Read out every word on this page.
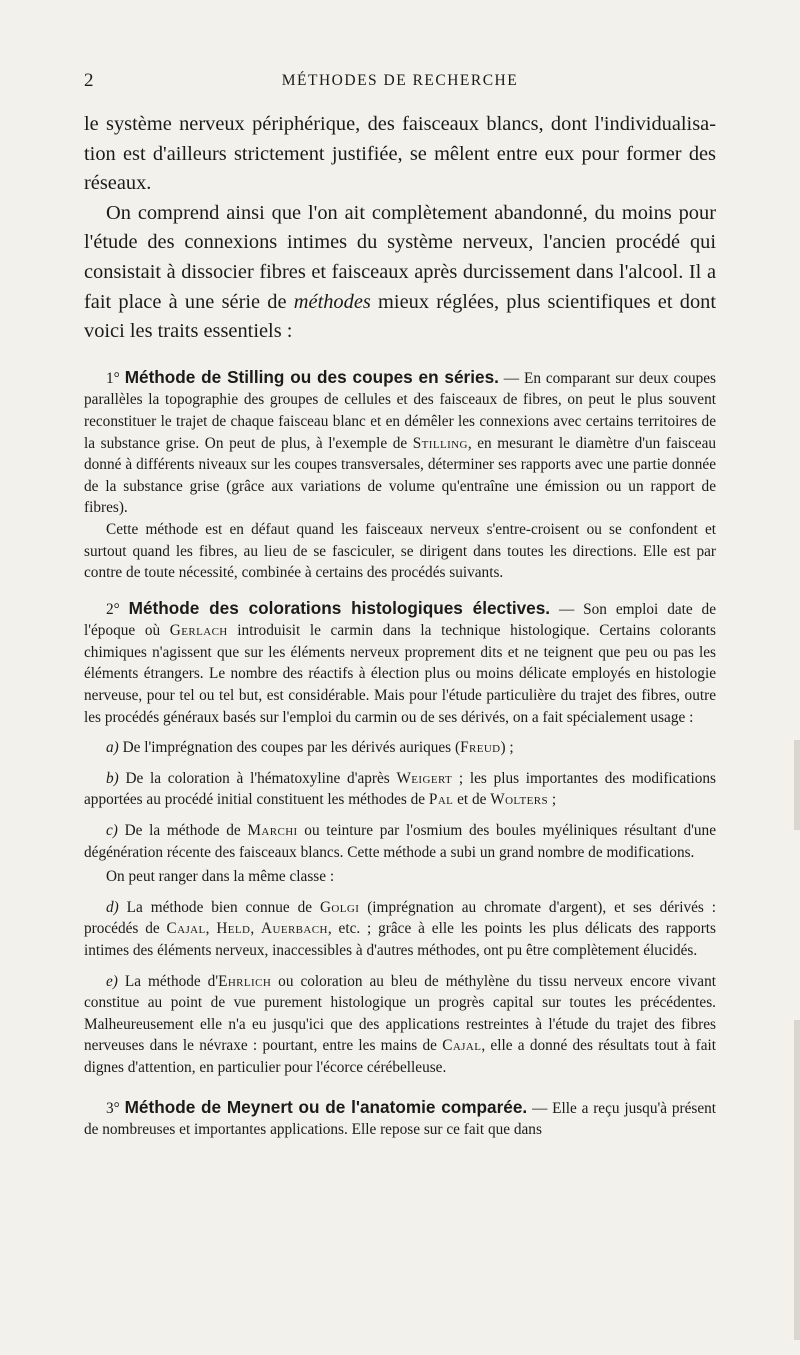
2	MÉTHODES DE RECHERCHE

le système nerveux périphérique, des faisceaux blancs, dont l'individualisa- tion est d'ailleurs strictement justifiée, se mêlent entre eux pour former des réseaux.

On comprend ainsi que l'on ait complètement abandonné, du moins pour l'étude des connexions intimes du système nerveux, l'ancien procédé qui consistait à dissocier fibres et faisceaux après durcissement dans l'alcool. Il a fait place à une série de méthodes mieux réglées, plus scientifiques et dont voici les traits essentiels :

1° Méthode de Stilling ou des coupes en séries. — En comparant sur deux coupes parallèles la topographie des groupes de cellules et des faisceaux de fibres, on peut le plus souvent reconstituer le trajet de chaque faisceau blanc et en démêler les connexions avec certains territoires de la substance grise. On peut de plus, à l'exemple de Stilling, en mesurant le diamètre d'un faisceau donné à différents niveaux sur les coupes transversales, déterminer ses rapports avec une partie donnée de la substance grise (grâce aux variations de volume qu'entraîne une émission ou un rapport de fibres).

Cette méthode est en défaut quand les faisceaux nerveux s'entre-croisent ou se confondent et surtout quand les fibres, au lieu de se fasciculer, se dirigent dans toutes les directions. Elle est par contre de toute nécessité, combinée à certains des procédés suivants.

2° Méthode des colorations histologiques électives. — Son emploi date de l'époque où Gerlach introduisit le carmin dans la technique histologique. Certains colorants chimiques n'agissent que sur les éléments nerveux proprement dits et ne teignent que peu ou pas les éléments étrangers. Le nombre des réactifs à élection plus ou moins délicate employés en histologie nerveuse, pour tel ou tel but, est considérable. Mais pour l'étude particulière du trajet des fibres, outre les procédés généraux basés sur l'emploi du carmin ou de ses dérivés, on a fait spécialement usage :

a) De l'imprégnation des coupes par les dérivés auriques (Freud) ;

b) De la coloration à l'hématoxyline d'après Weigert ; les plus importantes des modifications apportées au procédé initial constituent les méthodes de Pal et de Wolters ;

c) De la méthode de Marchi ou teinture par l'osmium des boules myéliniques résultant d'une dégénération récente des faisceaux blancs. Cette méthode a subi un grand nombre de modifications.

On peut ranger dans la même classe :

d) La méthode bien connue de Golgi (imprégnation au chromate d'argent), et ses dérivés : procédés de Cajal, Held, Auerbach, etc. ; grâce à elle les points les plus délicats des rapports intimes des éléments nerveux, inaccessibles à d'autres méthodes, ont pu être complètement élucidés.

e) La méthode d'Ehrlich ou coloration au bleu de méthylène du tissu nerveux encore vivant constitue au point de vue purement histologique un progrès capital sur toutes les précédentes. Malheureusement elle n'a eu jusqu'ici que des applications restreintes à l'étude du trajet des fibres nerveuses dans le névraxe : pourtant, entre les mains de Cajal, elle a donné des résultats tout à fait dignes d'attention, en particulier pour l'écorce cérébelleuse.

3° Méthode de Meynert ou de l'anatomie comparée. — Elle a reçu jusqu'à présent de nombreuses et importantes applications. Elle repose sur ce fait que dans
